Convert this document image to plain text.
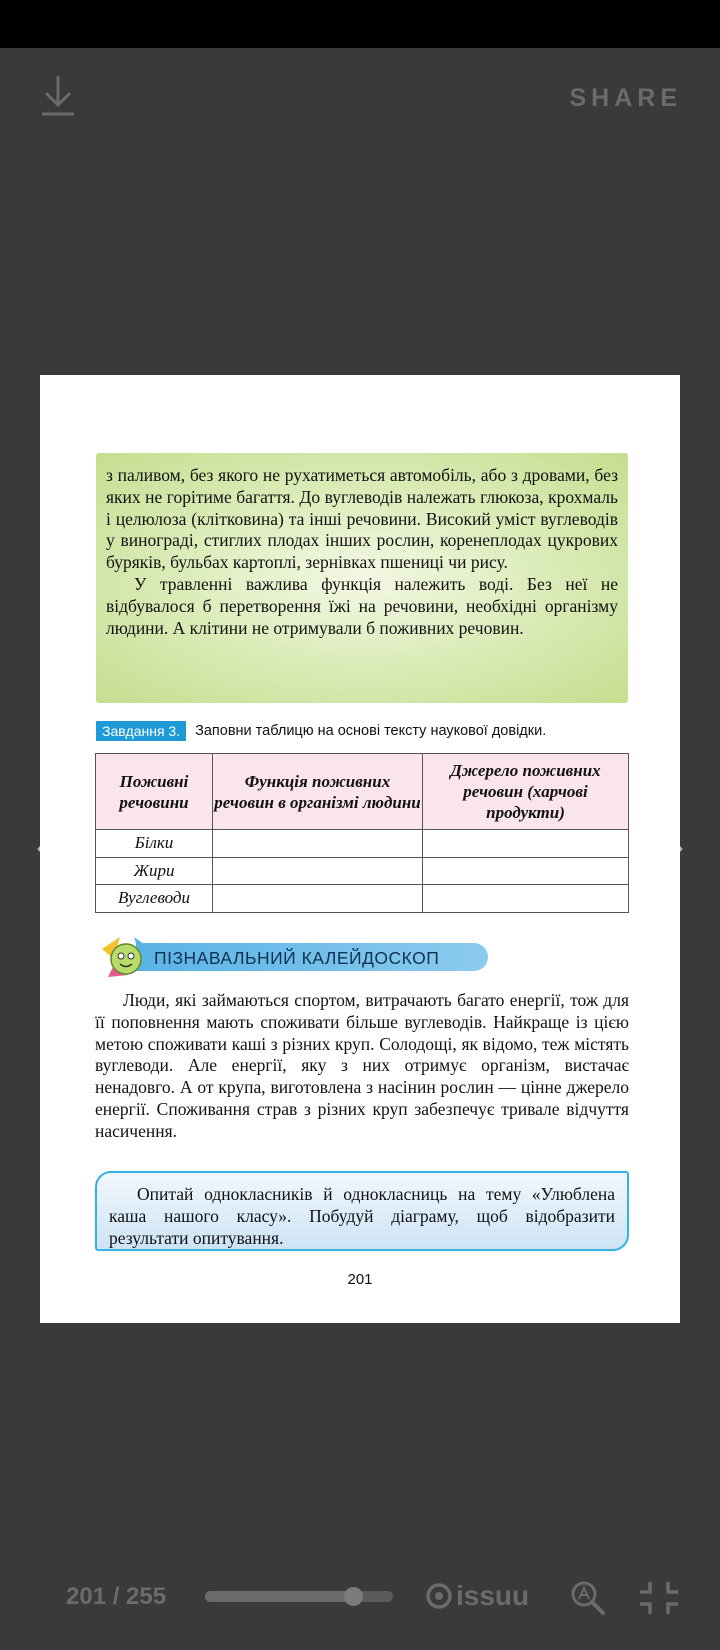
SHARE

з паливом, без якого не рухатиметься автомобіль, або з дровами, без яких не горітиме багаття. До вуглеводів належать глюкоза, крохмаль і целюлоза (клітковина) та інші речовини. Високий уміст вуглеводів у винограді, стиглих плодах інших рослин, коренеплодах цукрових буряків, бульбах картоплі, зернівках пшениці чи рису.

У травленні важлива функція належить воді. Без неї не відбувалося б перетворення їжі на речовини, необхідні організму людини. А клітини не отримували б поживних речовин.

Завдання 3.	Заповни таблицю на основі тексту наукової довідки.
Поживні речовини	Функція поживних речовин в організмі людини	Джерело поживних речовин (харчові продукти)
Білки		
Жири		
Вуглеводи		
ПІЗНАВАЛЬНИЙ КАЛЕЙДОСКОП

Люди, які займаються спортом, витрачають багато енергії, тож для її поповнення мають споживати більше вуглеводів. Найкраще із цією метою споживати каші з різних круп. Солодощі, як відомо, теж містять вуглеводи. Але енергії, яку з них отримує організм, вистачає ненадовго. А от крупа, виготовлена з насінин рослин — цінне джерело енергії. Споживання страв з різних круп забезпечує тривале відчуття насичення.

Опитай однокласників й однокласниць на тему «Улюблена каша нашого класу». Побудуй діаграму, щоб відобразити результати опитування.
201
201 / 255	issuu
